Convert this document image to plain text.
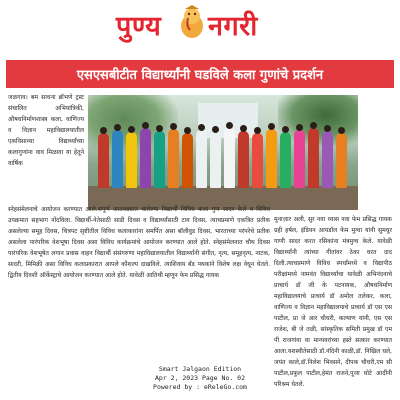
पुण्य नगरी
एसएसबीटीत विद्यार्थ्यांनी घडविले कला गुणांचे प्रदर्शन
जळगाव। बम साधना ब्रॉभणे ट्रस्ट संचालित अभियांत्रिकी, औषधनिर्माणशास्त्र कला, वाणिज्य व विज्ञान महाविद्यालयातील एकविसाव्या विद्यार्थ्यांच्या कलागुणांना वाव मिळावा या हेतूने वार्षिक
स्नेहसंमेलनाचे आयोजन करण्यात आले.संपूर्ण आठवड्यात चालेल्या विद्यार्थी विविध कला गुण सादर केले व विविध उपक्रमात सहभाग नोंदविला. विद्यार्थी-नेतेसाठी साडी दिवस व विद्यार्थ्यांसाठी टाय दिवस, त्याचप्रमाणे एकत्रित प्रतीक असलेल्या समूह दिवस, चित्रपट सृष्टीतील विविध कलाकारांना समर्पित असा बॉलीवुड दिवस, भारताच्या परंपरेचे प्रतीक असलेला पारंपरिक वेशभूषा दिवस असा विविध कार्यक्रमांचे आयोजन करण्यात आले होते. स्नेहसंमेलनात चौथ दिवस पारंपरिक वेशभूषेत लगान प्रवास वाहन विद्यार्थी संसंगरुणा महाविद्यालयातील विद्यार्थ्यांनी संगीत, नृत्य, समूहनृत्य, नाटक, सादरी, मिमिक्री असा विविध कलाप्रकारात आपले कौशल्य दाखविले. त्याशिवाय बँड पथकांने विशेष लक्ष वेधून घेतले. द्वितीय दिवशी ऑर्केस्ट्राचे आयोजन करण्यात आले होते. यावेळी आतिथी म्हणून फेम प्रसिद्ध गायक
मुनाज़ार अली, सुर नवा ध्यास नवा फेम प्रसिद्ध गायक ग्रही हर्षल, इंडियन आयडॉल फेम मुग्धा यांनी सुमधुर गाणी सादर करत रसिकांना मंत्रमुग्ध केले. यावेळी विद्यार्थ्यांनी त्यांच्या गीतांवर ठेका धरत दाद दिली.त्याचप्रमाणे विविध स्पर्धांमध्ये व विद्यापीठ परीक्षांमध्ये नामवंत विद्यार्थ्यांचा यावेळी अभिनंदनाचे प्राचार्य डॉ जी के पटनायक, औषधनिर्माण महाविद्यालयाचे प्राचार्य डॉ अमोल तलेकर, कला, वाणिज्य व विज्ञान महाविद्यालयाचे प्राचार्य डॉ एस एस पाटील, प्रा जे आर चौधरी, कल्याण यांनी, एस एस राजेश, बी जे तळी, सांस्कृतिक समिती प्रमुख डॉ एम पी राजगांवा या मान्यवरांच्या हस्ते सत्कार करण्यात आला.यशस्वीतेसाठी डॉ.नंदिनी काळी,डॉ. निखिल घले, जयंत काले,डॉ.निलेश भिवसने, दीपक चौधरी,एम सी पाटील,प्रफुल पाटील,हेमंत राजने,पूजा घोटे आदींनी परिश्रम घेतले.
Smart Jalgaon Edition
Apr 2, 2023 Page No. 02
Powered by : eReleGo.com
